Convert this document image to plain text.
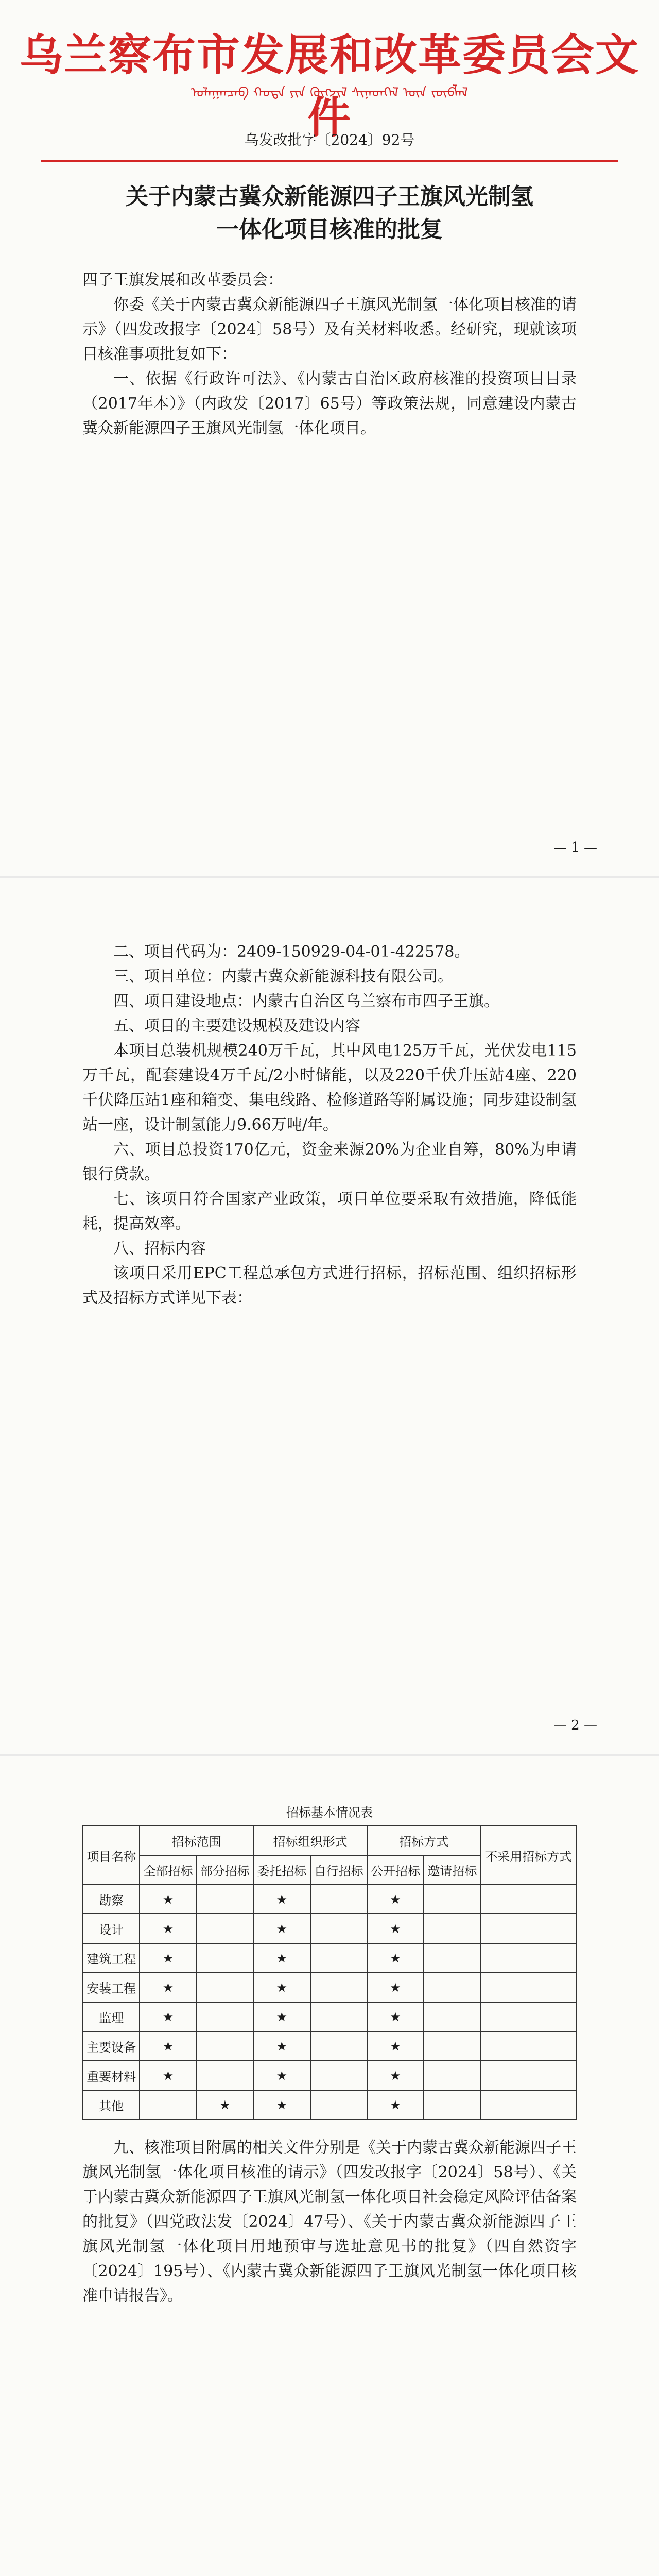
乌兰察布市发展和改革委员会文件
ᠤᠯᠠᠭᠠᠨᠴᠠᠪ ᠬᠣᠲᠠ ᠶᠢᠨ ᠬᠥᠭᠵᠢᠯ ᠰᠢᠨᠡᠳᠬᠡᠯ ᠦᠨ ᠵᠥᠪᠯᠡᠯ
乌发改批字〔2024〕92号
关于内蒙古冀众新能源四子王旗风光制氢
一体化项目核准的批复

四子王旗发展和改革委员会：

你委《关于内蒙古冀众新能源四子王旗风光制氢一体化项目核准的请示》（四发改报字〔2024〕58号）及有关材料收悉。经研究，现就该项目核准事项批复如下：

一、依据《行政许可法》、《内蒙古自治区政府核准的投资项目目录（2017年本）》（内政发〔2017〕65号）等政策法规，同意建设内蒙古冀众新能源四子王旗风光制氢一体化项目。

— 1 —

二、项目代码为：2409-150929-04-01-422578。

三、项目单位：内蒙古冀众新能源科技有限公司。

四、项目建设地点：内蒙古自治区乌兰察布市四子王旗。

五、项目的主要建设规模及建设内容

本项目总装机规模240万千瓦，其中风电125万千瓦，光伏发电115万千瓦，配套建设4万千瓦/2小时储能，以及220千伏升压站4座、220千伏降压站1座和箱变、集电线路、检修道路等附属设施；同步建设制氢站一座，设计制氢能力9.66万吨/年。

六、项目总投资170亿元，资金来源20%为企业自筹，80%为申请银行贷款。

七、该项目符合国家产业政策，项目单位要采取有效措施，降低能耗，提高效率。

八、招标内容

该项目采用EPC工程总承包方式进行招标，招标范围、组织招标形式及招标方式详见下表：

— 2 —
招标基本情况表
项目名称	招标范围		招标组织形式		招标方式		不采用招标方式
	全部招标	部分招标	委托招标	自行招标	公开招标	邀请招标	
勘察	★		★		★		
设计	★		★		★		
建筑工程	★		★		★		
安装工程	★		★		★		
监理	★		★		★		
主要设备	★		★		★		
重要材料	★		★		★		
其他		★	★		★		

九、核准项目附属的相关文件分别是《关于内蒙古冀众新能源四子王旗风光制氢一体化项目核准的请示》（四发改报字〔2024〕58号）、《关于内蒙古冀众新能源四子王旗风光制氢一体化项目社会稳定风险评估备案的批复》（四党政法发〔2024〕47号）、《关于内蒙古冀众新能源四子王旗风光制氢一体化项目用地预审与选址意见书的批复》（四自然资字〔2024〕195号）、《内蒙古冀众新能源四子王旗风光制氢一体化项目核准申请报告》。
